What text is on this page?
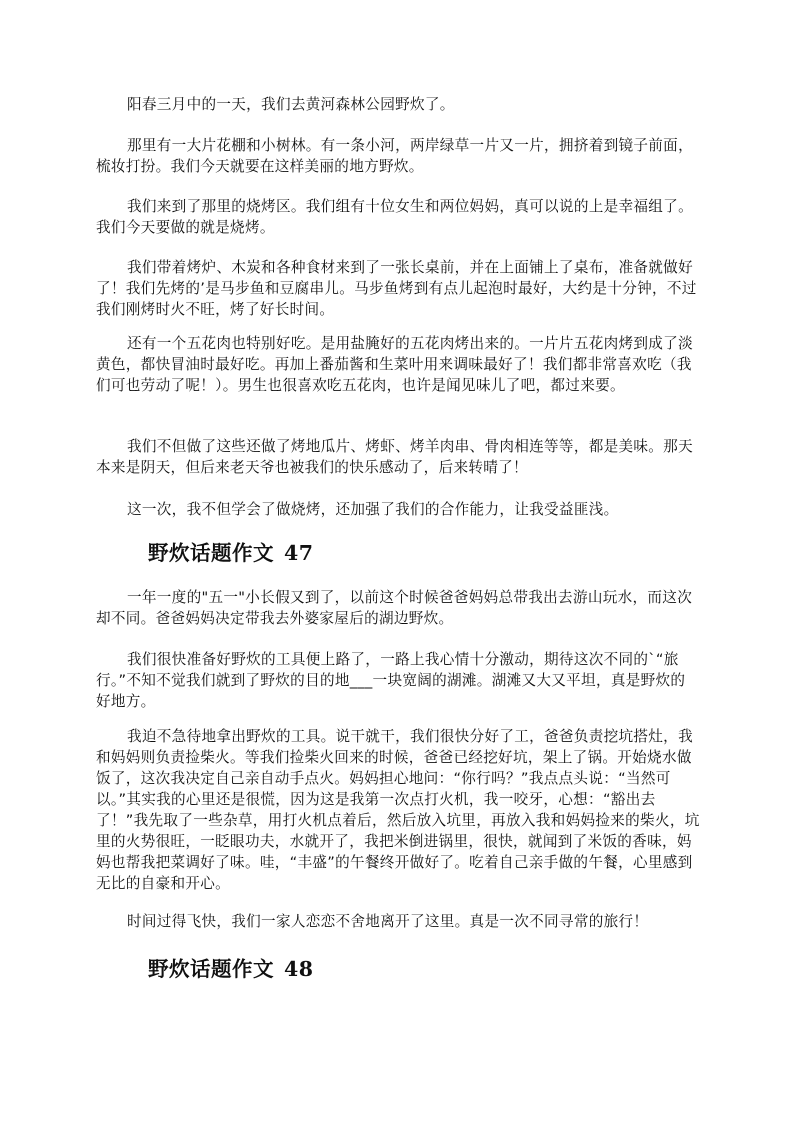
阳春三月中的一天，我们去黄河森林公园野炊了。

那里有一大片花棚和小树林。有一条小河，两岸绿草一片又一片，拥挤着到镜子前面，梳妆打扮。我们今天就要在这样美丽的地方野炊。

我们来到了那里的烧烤区。我们组有十位女生和两位妈妈，真可以说的上是幸福组了。我们今天要做的就是烧烤。

我们带着烤炉、木炭和各种食材来到了一张长桌前，并在上面铺上了桌布，准备就做好了！我们先烤的’是马步鱼和豆腐串儿。马步鱼烤到有点儿起泡时最好，大约是十分钟，不过我们刚烤时火不旺，烤了好长时间。

还有一个五花肉也特别好吃。是用盐腌好的五花肉烤出来的。一片片五花肉烤到成了淡黄色，都快冒油时最好吃。再加上番茄酱和生菜叶用来调味最好了！我们都非常喜欢吃（我们可也劳动了呢！）。男生也很喜欢吃五花肉，也许是闻见味儿了吧，都过来要。

我们不但做了这些还做了烤地瓜片、烤虾、烤羊肉串、骨肉相连等等，都是美味。那天本来是阴天，但后来老天爷也被我们的快乐感动了，后来转晴了！

这一次，我不但学会了做烧烤，还加强了我们的合作能力，让我受益匪浅。

野炊话题作文 47

一年一度的"五一"小长假又到了，以前这个时候爸爸妈妈总带我出去游山玩水，而这次却不同。爸爸妈妈决定带我去外婆家屋后的湖边野炊。

我们很快准备好野炊的工具便上路了，一路上我心情十分激动，期待这次不同的`“旅行。”不知不觉我们就到了野炊的目的地___一块宽阔的湖滩。湖滩又大又平坦，真是野炊的好地方。

我迫不急待地拿出野炊的工具。说干就干，我们很快分好了工，爸爸负责挖坑搭灶，我和妈妈则负责捡柴火。等我们捡柴火回来的时候，爸爸已经挖好坑，架上了锅。开始烧水做饭了，这次我决定自己亲自动手点火。妈妈担心地问：“你行吗？”我点点头说：“当然可以。”其实我的心里还是很慌，因为这是我第一次点打火机，我一咬牙，心想：“豁出去了！”我先取了一些杂草，用打火机点着后，然后放入坑里，再放入我和妈妈捡来的柴火，坑里的火势很旺，一眨眼功夫，水就开了，我把米倒进锅里，很快，就闻到了米饭的香味，妈妈也帮我把菜调好了味。哇，“丰盛”的午餐终开做好了。吃着自己亲手做的午餐，心里感到无比的自豪和开心。

时间过得飞快，我们一家人恋恋不舍地离开了这里。真是一次不同寻常的旅行！

野炊话题作文 48
